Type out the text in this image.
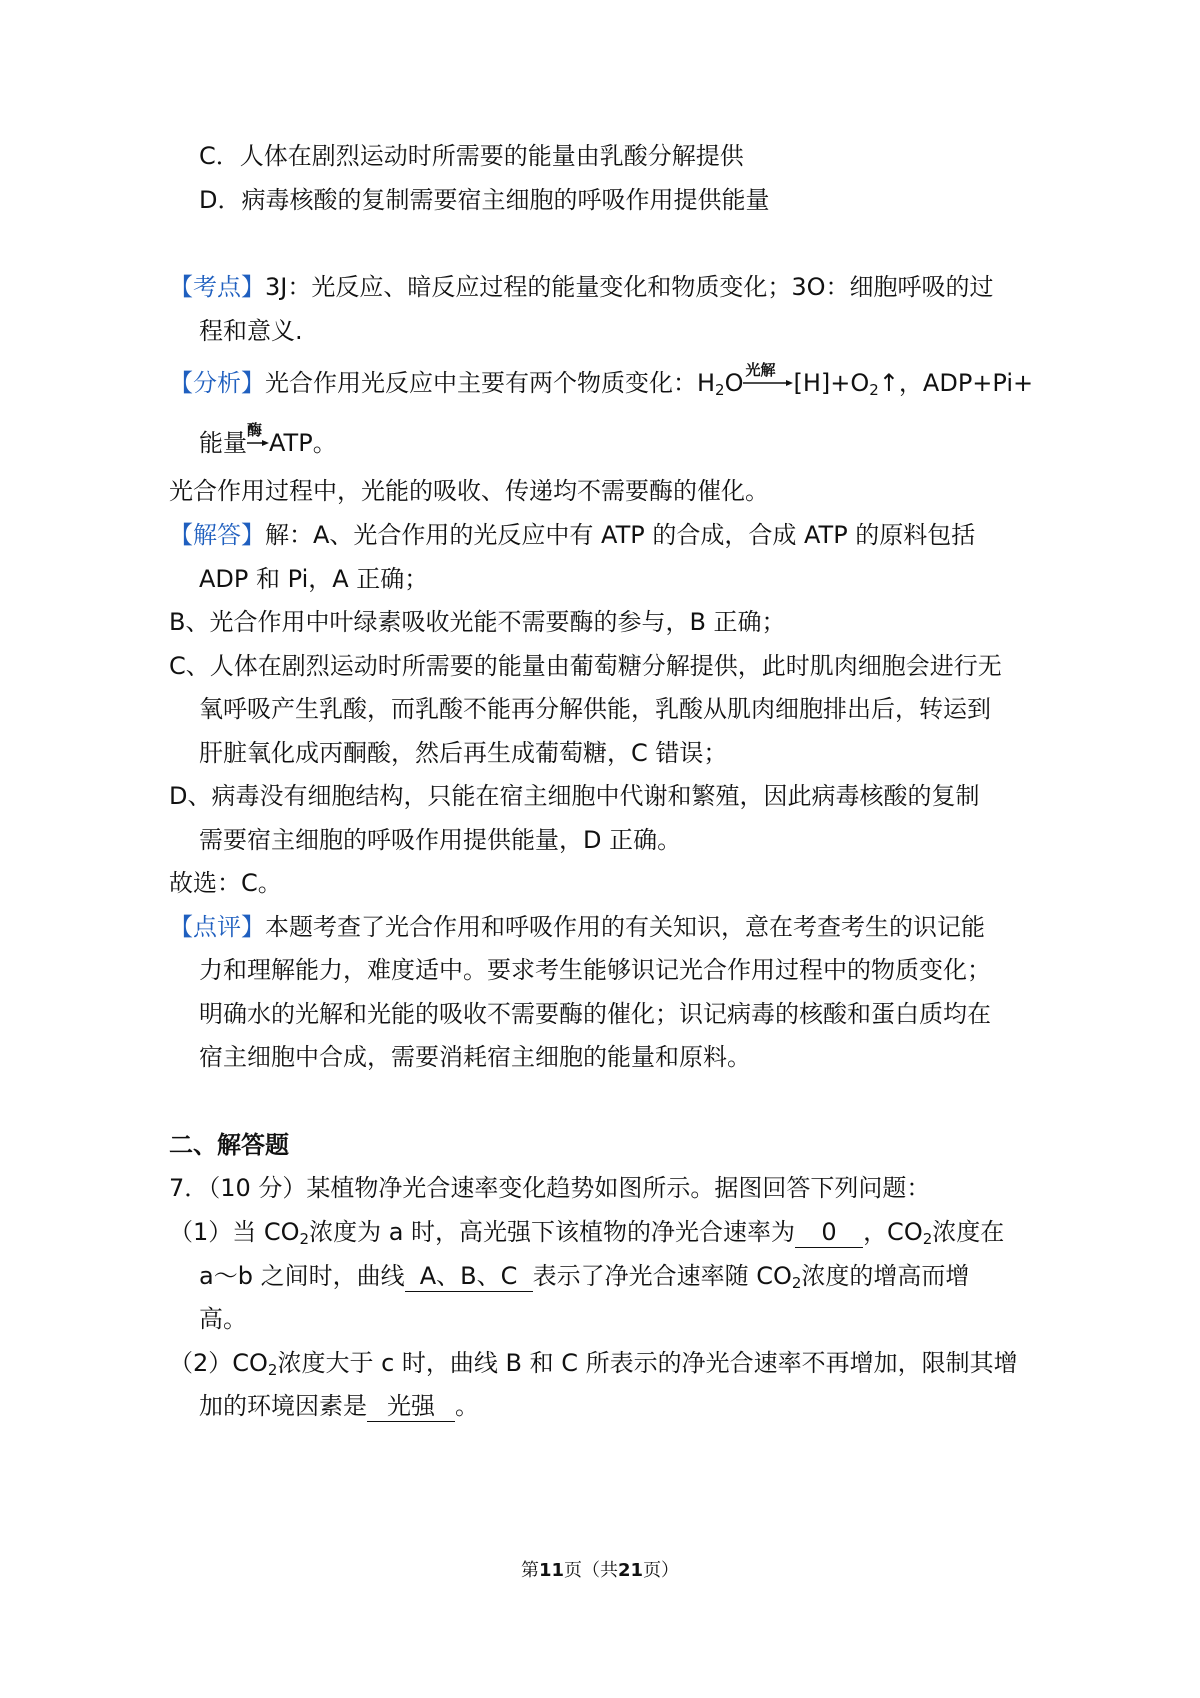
C．人体在剧烈运动时所需要的能量由乳酸分解提供
D．病毒核酸的复制需要宿主细胞的呼吸作用提供能量
【考点】3J：光反应、暗反应过程的能量变化和物质变化；3O：细胞呼吸的过
程和意义.
【分析】光合作用光反应中主要有两个物质变化：$H_2O$ 光解 $[H]+O_2↑$，ADP+Pi+
能量 酶 ATP。
光合作用过程中，光能的吸收、传递均不需要酶的催化。
【解答】解：A、光合作用的光反应中有 ATP 的合成，合成 ATP 的原料包括
ADP 和 Pi，A 正确；
B、光合作用中叶绿素吸收光能不需要酶的参与，B 正确；
C、人体在剧烈运动时所需要的能量由葡萄糖分解提供，此时肌肉细胞会进行无
氧呼吸产生乳酸，而乳酸不能再分解供能，乳酸从肌肉细胞排出后，转运到
肝脏氧化成丙酮酸，然后再生成葡萄糖，C 错误；
D、病毒没有细胞结构，只能在宿主细胞中代谢和繁殖，因此病毒核酸的复制
需要宿主细胞的呼吸作用提供能量，D 正确。
故选：C。
【点评】本题考查了光合作用和呼吸作用的有关知识，意在考查考生的识记能
力和理解能力，难度适中。要求考生能够识记光合作用过程中的物质变化；
明确水的光解和光能的吸收不需要酶的催化；识记病毒的核酸和蛋白质均在
宿主细胞中合成，需要消耗宿主细胞的能量和原料。
二、解答题
7．（10 分）某植物净光合速率变化趋势如图所示。据图回答下列问题：
（1）当 $CO_2$浓度为 a 时，高光强下该植物的净光合速率为 0 ，$CO_2$浓度在
a～b 之间时，曲线 A、B、C 表示了净光合速率随 $CO_2$浓度的增高而增
高。
$(2)CO_2$浓度大于 c 时，曲线 B 和 C 所表示的净光合速率不再增加，限制其增
加的环境因素是 光强 。
第11页（共21页）
